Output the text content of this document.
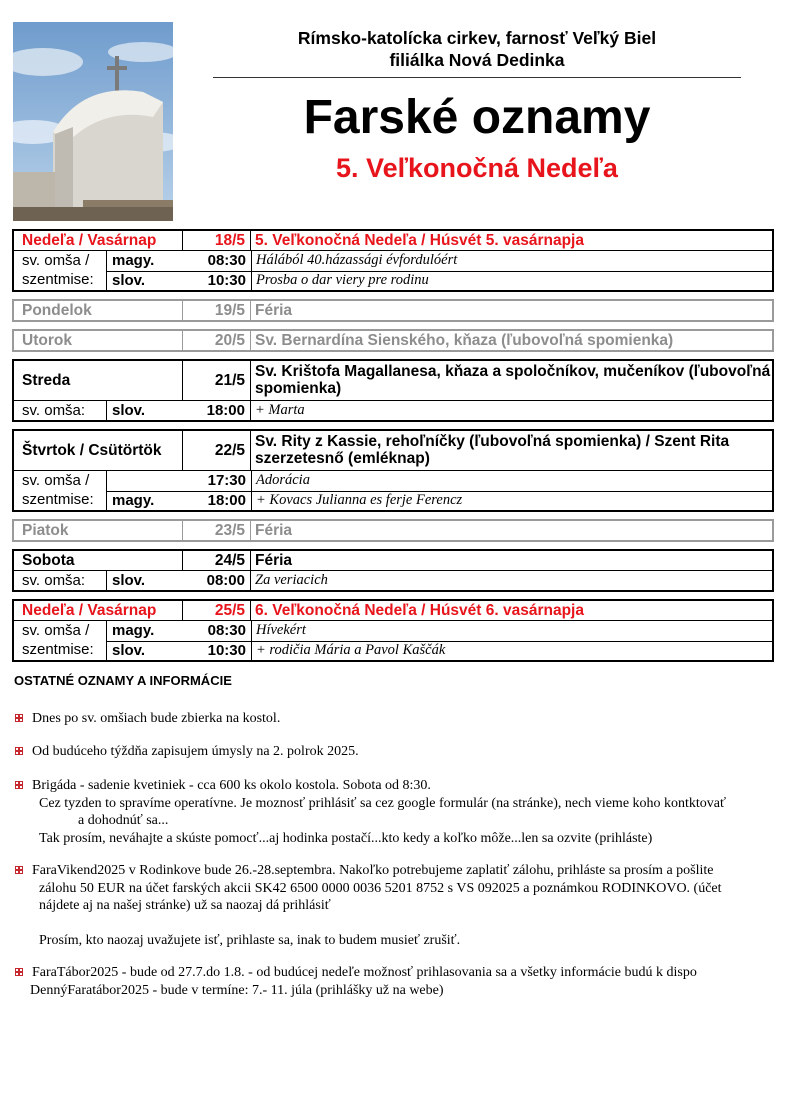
Rímsko-katolícka cirkev, farnosť Veľký Biel
filiálka Nová Dedinka
Farské oznamy
5. Veľkonočná Nedeľa
Nedeľa / Vasárnap	18/5 5. Veľkonočná Nedeľa / Húsvét 5. vasárnapja
sv. omša /
szentmise:
magy.	08:30 Hálából 40.házassági évfordulóért
slov.	10:30 Prosba o dar viery pre rodinu
Pondelok	19/5 Féria
Utorok	20/5 Sv. Bernardína Sienského, kňaza (ľubovoľná spomienka)
Streda	21/5 Sv. Krištofa Magallanesa, kňaza a spoločníkov, mučeníkov (ľubovoľná spomienka)
sv. omša:	slov.	18:00 + Marta
Štvrtok / Csütörtök	22/5 Sv. Rity z Kassie, rehoľníčky (ľubovoľná spomienka) / Szent Rita szerzetesnő (emléknap)
sv. omša /
szentmise:
17:30 Adorácia
magy.	18:00 + Kovacs Julianna es ferje Ferencz
Piatok	23/5 Féria
Sobota	24/5 Féria
sv. omša:	slov.	08:00 Za veriacich
Nedeľa / Vasárnap	25/5 6. Veľkonočná Nedeľa / Húsvét 6. vasárnapja
sv. omša /
szentmise:
magy.	08:30 Hívekért
slov.	10:30 + rodičia Mária a Pavol Kaščák
OSTATNÉ OZNAMY A INFORMÁCIE

Dnes po sv. omšiach bude zbierka na kostol.

Od budúceho týždňa zapisujem úmysly na 2. polrok 2025.

Brigáda - sadenie kvetiniek - cca 600 ks okolo kostola. Sobota od 8:30.

Cez tyzden to spravíme operatívne. Je moznosť prihlásiť sa cez google formulár (na stránke), nech vieme koho kontktovať

a dohodnúť sa...

Tak prosím, neváhajte a skúste pomocť...aj hodinka postačí...kto kedy a koľko môže...len sa ozvite (prihláste)

FaraVikend2025 v Rodinkove bude 26.-28.septembra. Nakoľko potrebujeme zaplatiť zálohu, prihláste sa prosím a pošlite

zálohu 50 EUR na účet farských akcii SK42 6500 0000 0036 5201 8752 s VS 092025 a poznámkou RODINKOVO. (účet

nájdete aj na našej stránke) už sa naozaj dá prihlásiť

Prosím, kto naozaj uvažujete isť, prihlaste sa, inak to budem musieť zrušiť.

FaraTábor2025 - bude od 27.7.do 1.8. - od budúcej nedeľe možnosť prihlasovania sa a všetky informácie budú k dispo

DennýFaratábor2025 - bude v termíne: 7.- 11. júla (prihlášky už na webe)
